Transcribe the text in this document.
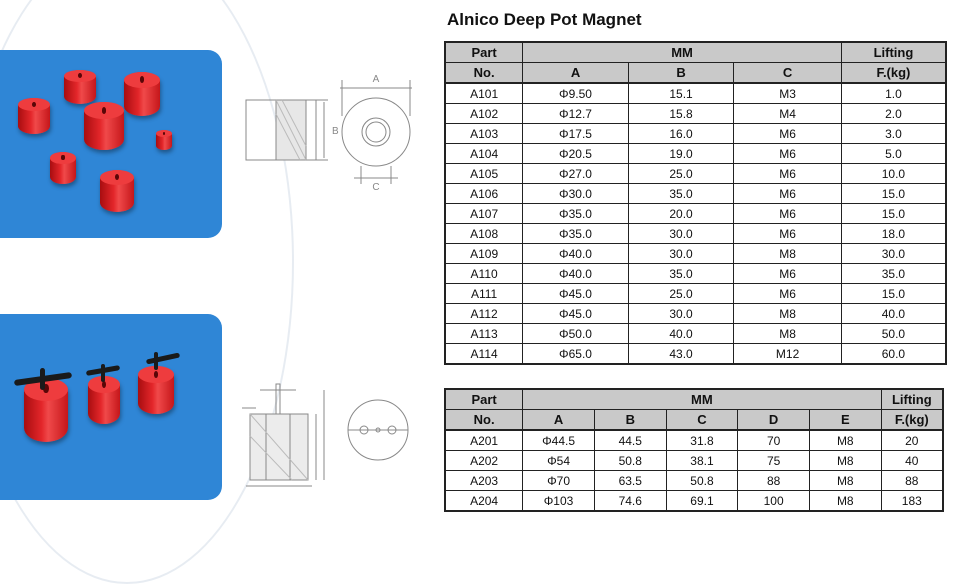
A
B
C
Alnico Deep Pot Magnet
Part	MM			Lifting
No.	A	B	C	F.(kg)
A101	Φ9.50	15.1	M3	1.0
A102	Φ12.7	15.8	M4	2.0
A103	Φ17.5	16.0	M6	3.0
A104	Φ20.5	19.0	M6	5.0
A105	Φ27.0	25.0	M6	10.0
A106	Φ30.0	35.0	M6	15.0
A107	Φ35.0	20.0	M6	15.0
A108	Φ35.0	30.0	M6	18.0
A109	Φ40.0	30.0	M8	30.0
A110	Φ40.0	35.0	M6	35.0
A111	Φ45.0	25.0	M6	15.0
A112	Φ45.0	30.0	M8	40.0
A113	Φ50.0	40.0	M8	50.0
A114	Φ65.0	43.0	M12	60.0
Part	MM					Lifting
No.	A	B	C	D	E	F.(kg)
A201	Φ44.5	44.5	31.8	70	M8	20
A202	Φ54	50.8	38.1	75	M8	40
A203	Φ70	63.5	50.8	88	M8	88
A204	Φ103	74.6	69.1	100	M8	183
